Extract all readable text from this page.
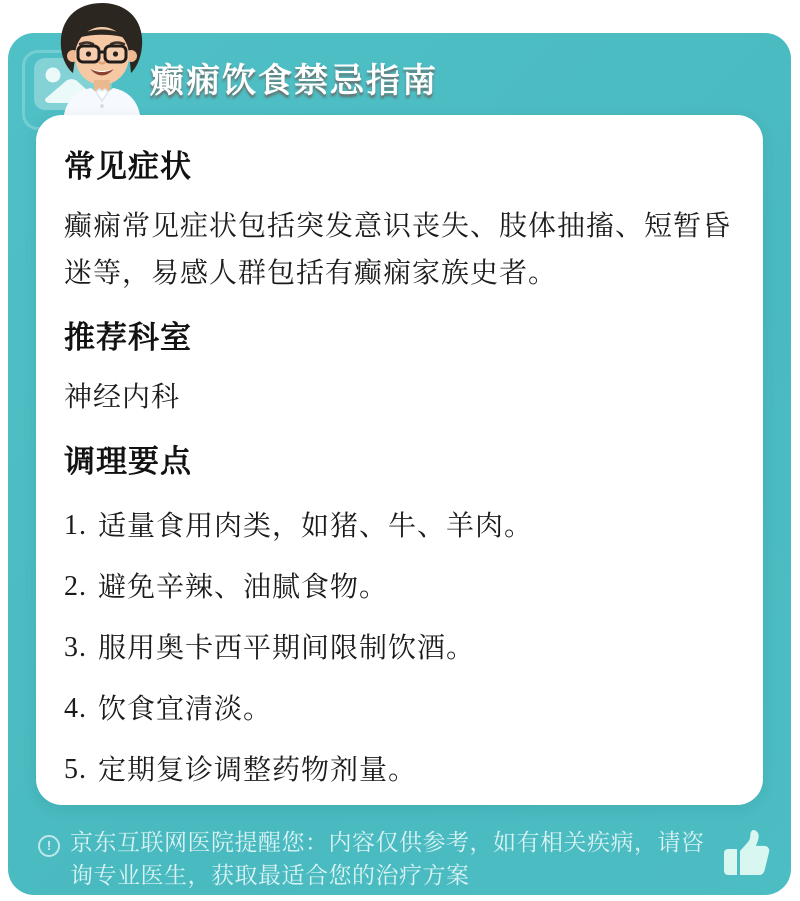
癫痫饮食禁忌指南
常见症状

癫痫常见症状包括突发意识丧失、肢体抽搐、短暂昏迷等，易感人群包括有癫痫家族史者。

推荐科室

神经内科

调理要点
1. 适量食用肉类，如猪、牛、羊肉。
2. 避免辛辣、油腻食物。
3. 服用奥卡西平期间限制饮酒。
4. 饮食宜清淡。
5. 定期复诊调整药物剂量。
! 京东互联网医院提醒您：内容仅供参考，如有相关疾病，请咨询专业医生，获取最适合您的治疗方案
